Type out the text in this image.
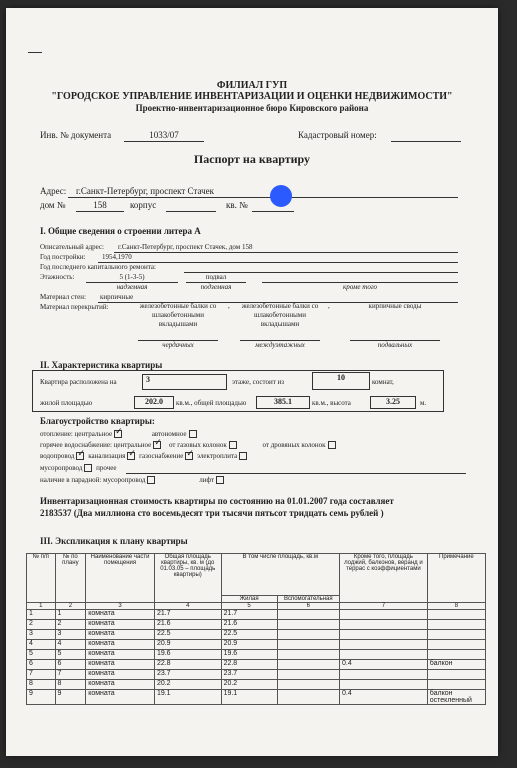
ФИЛИАЛ ГУП
"ГОРОДСКОЕ УПРАВЛЕНИЕ ИНВЕНТАРИЗАЦИИ И ОЦЕНКИ НЕДВИЖИМОСТИ"
Проектно-инвентаризационное бюро Кировского района
Инв. № документа	1033/07	Кадастровый номер:
Паспорт на квартиру
Адрес: г.Санкт-Петербург, проспект Стачек
дом №	158	корпус	кв. №
I. Общие сведения о строении литера А
Описательный адрес: г.Санкт-Петербург, проспект Стачек, дом 158
Год постройки: 1954,1970
Год последнего капитального ремонта:
Этажность:	5 (1-3-5)	подвал
надземная	подземная	кроме того
Материал стен: кирпичные
Материал перекрытий:	железобетонные балки со шлакобетонными вкладышами
, железобетонные балки со шлакобетонными вкладышами
,	кирпичные своды
чердачных	междуэтажных	подвальных
II. Характеристика квартиры
Квартира расположена на	3	этаже, состоит из	10	комнат,
жилой площадью	202.0	кв.м., общей площадью	385.1	кв.м., высота	3.25	м.
Благоустройство квартиры:
отопление: центральное ✓	автономное
горячее водоснабжение: центральное ✓	от газовых колонок	от дровяных колонок
водопровод ✓ канализация ✓ газоснабжение ✓ электроплита
мусоропровод прочее
наличие в парадной: мусоропровод	лифт
Инвентаризационная стоимость квартиры по состоянию на 01.01.2007 года составляет
2183537 (Два миллиона сто восемьдесят три тысячи пятьсот тридцать семь рублей )
III. Экспликация к плану квартиры
№ п/п	№ по плану	Наименование части помещения	Общая площадь квартиры, кв. м (до 01.03.05 – площадь квартиры)	В том числе площадь, кв.м		Кроме того, площадь лоджий, балконов, веранд и террас с коэффициентами	Примечание
				Жилая	Вспомогательная		
1	2	3	4	5	6	7	8
1	1	комната	21.7	21.7			
2	2	комната	21.6	21.6			
3	3	комната	22.5	22.5			
4	4	комната	20.9	20.9			
5	5	комната	19.6	19.6			
6	6	комната	22.8	22.8		0.4	балкон
7	7	комната	23.7	23.7			
8	8	комната	20.2	20.2			
9	9	комната	19.1	19.1		0.4	балкон остекленный
